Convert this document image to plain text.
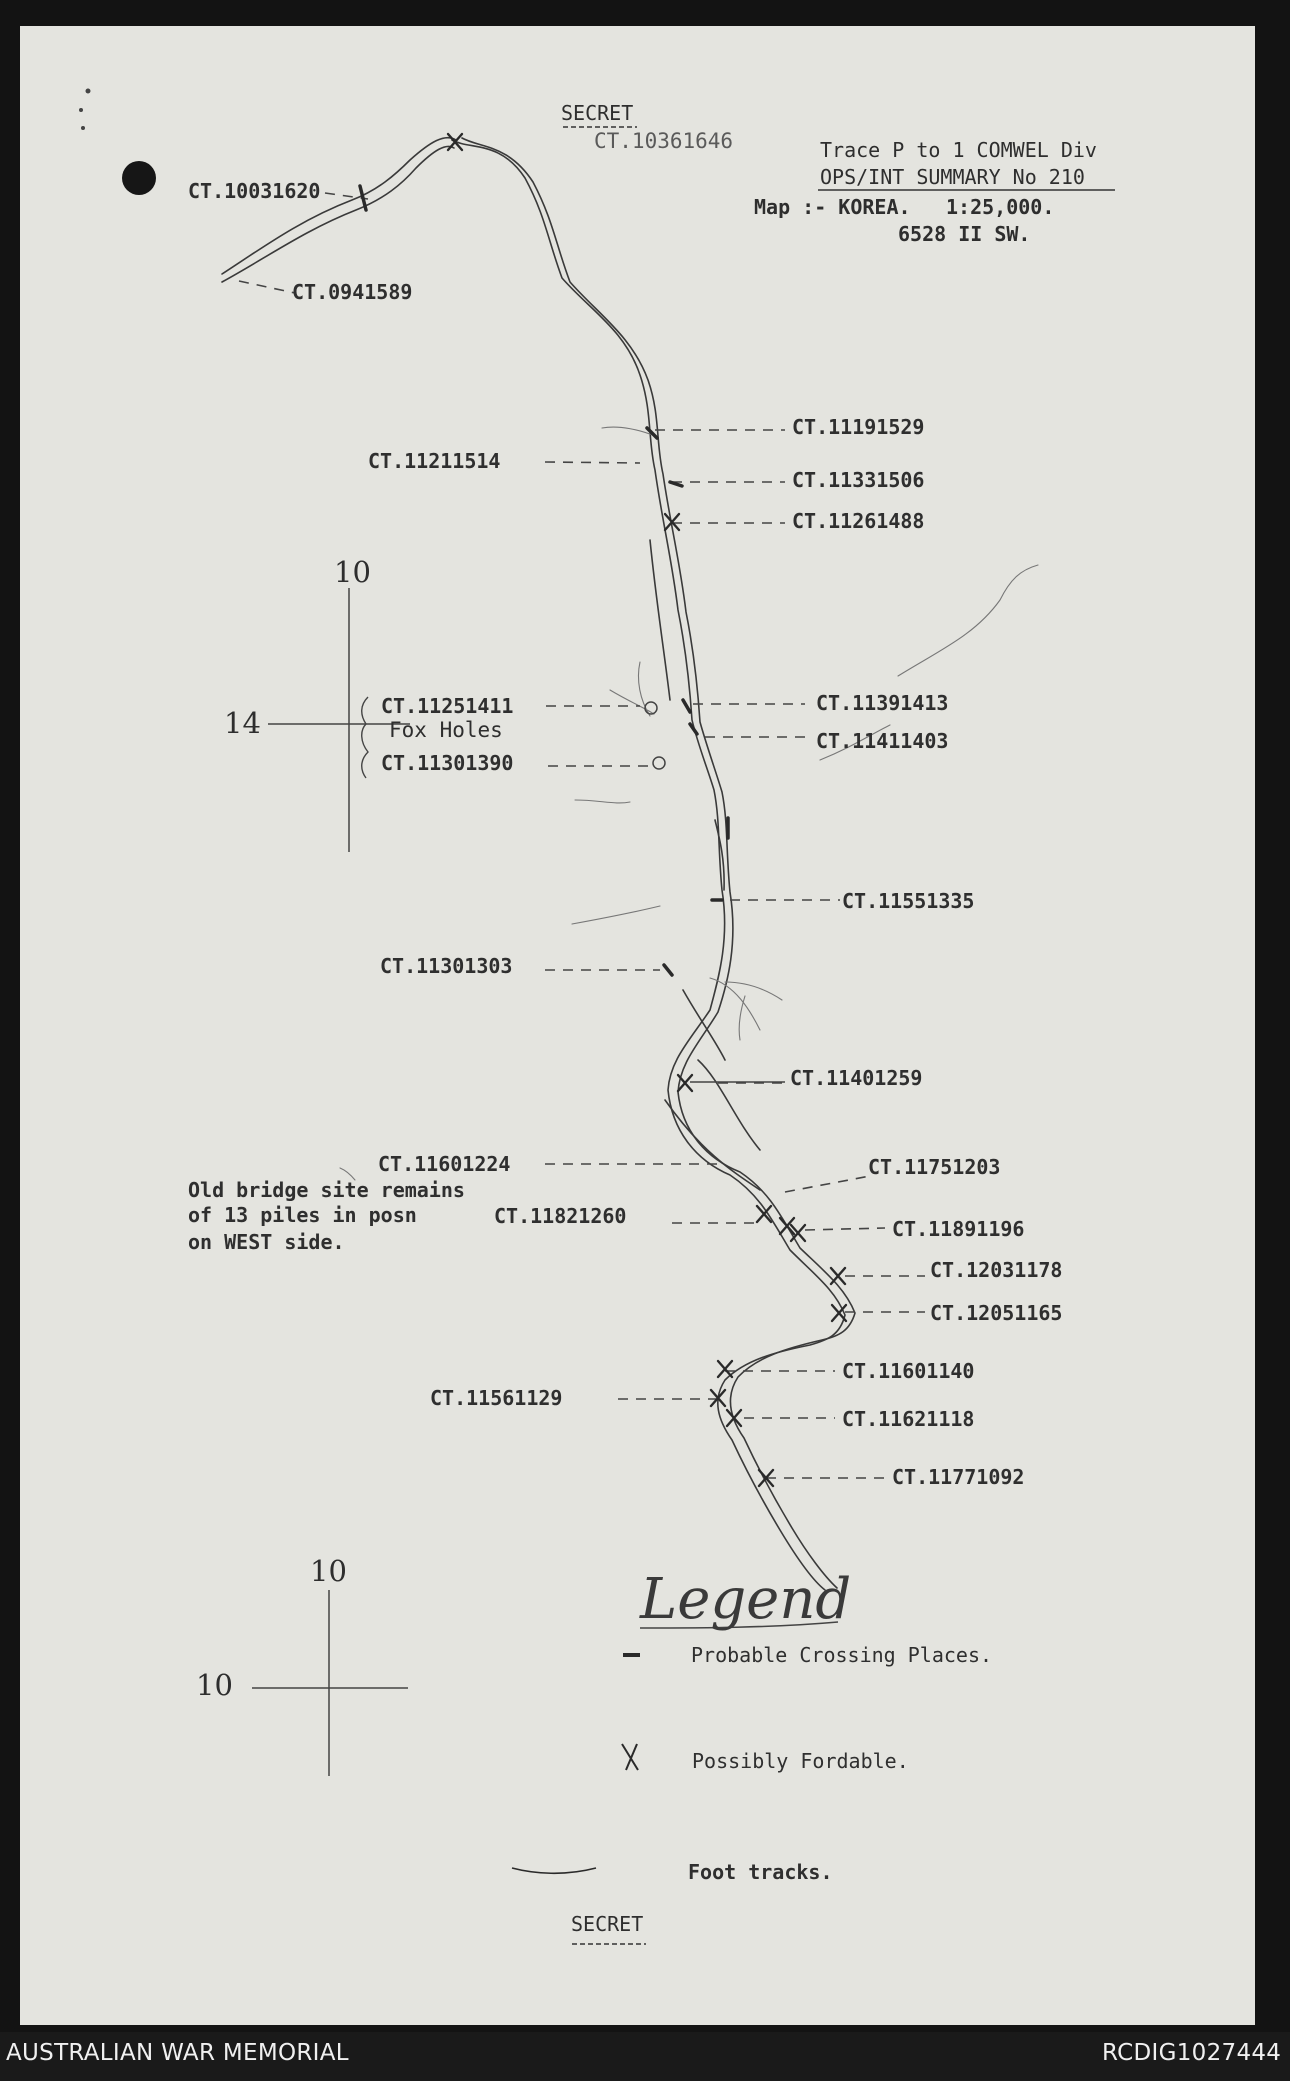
SECRET
CT.10361646	Trace P to 1 COMWEL Div
OPS/INT SUMMARY No 210
Map :- KOREA. 1:25,000.
6528 II SW.
CT.10031620
CT.0941589
CT.11191529
CT.11211514
CT.11331506
CT.11261488
CT.11251411	CT.11391413
CT.11411403
CT.11301390
CT.11551335
CT.11301303
CT.11401259
CT.11601224	CT.11751203
CT.11821260
CT.11891196
CT.12031178
CT.12051165
CT.11601140
CT.11561129
CT.11621118
CT.11771092
Fox Holes
Old bridge site remains
of 13 piles in posn
on WEST side.
10
14
10
10
Legend
Probable Crossing Places.
Possibly Fordable.
Foot tracks.
SECRET
AUSTRALIAN WAR MEMORIAL	RCDIG1027444
